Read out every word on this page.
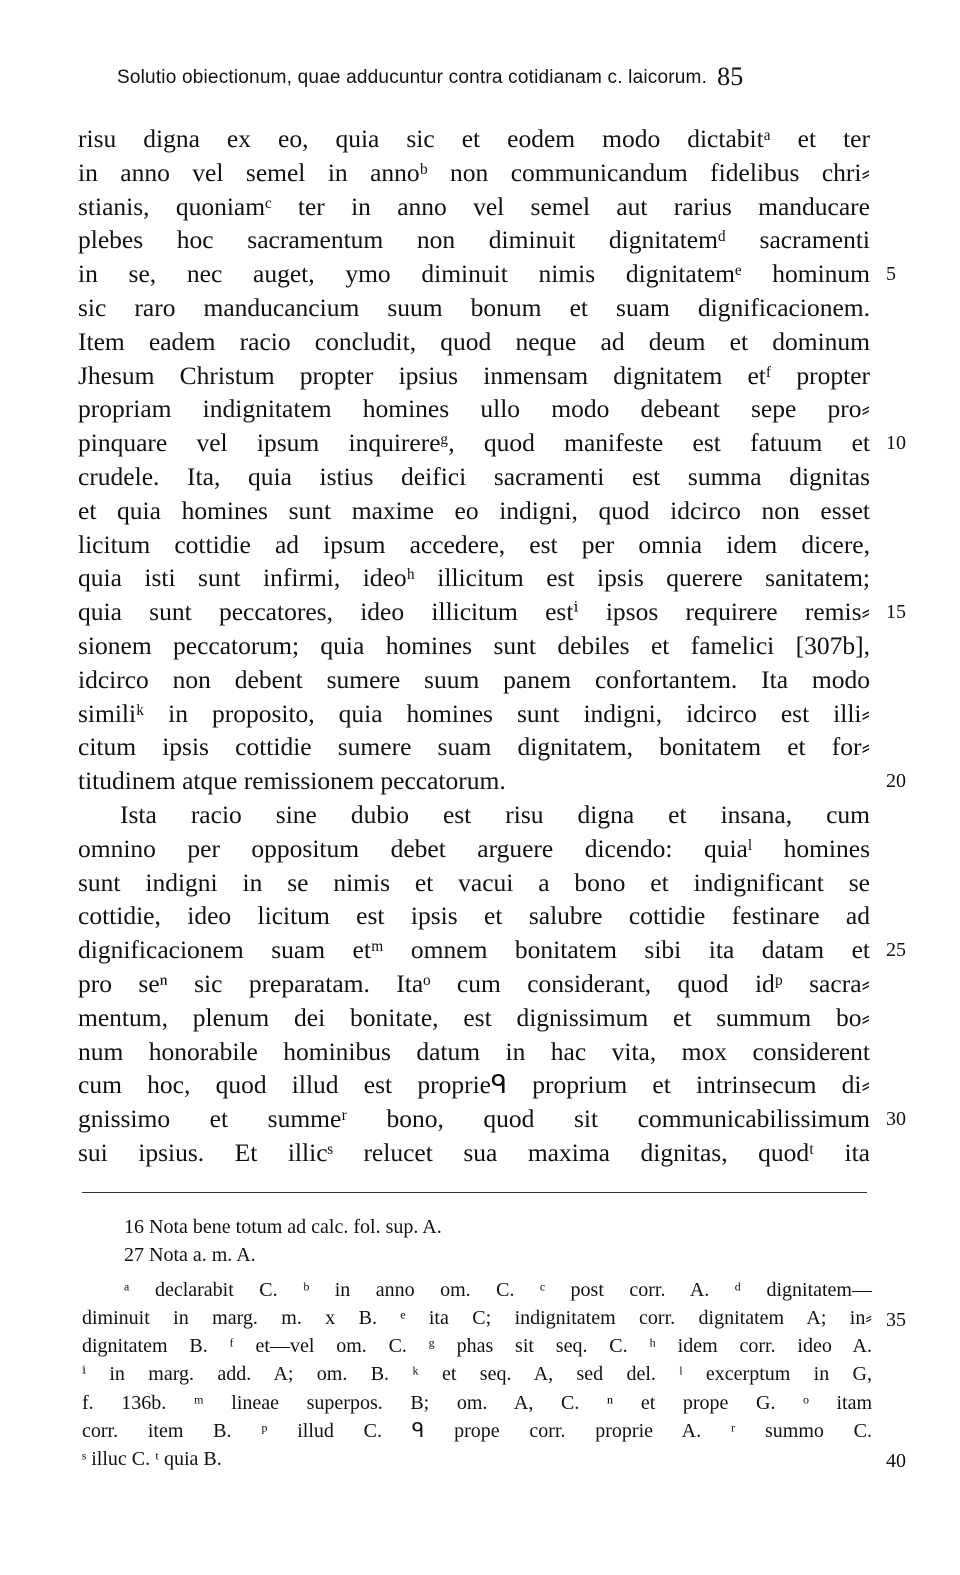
Solutio obiectionum, quae adducuntur contra cotidianam c. laicorum. 85
risu digna ex eo, quia sic et eodem modo dictabitᵃ et ter
in anno vel semel in annoᵇ non communicandum fidelibus chri⸗
stianis, quoniamᶜ ter in anno vel semel aut rarius manducare
plebes hoc sacramentum non diminuit dignitatemᵈ sacramenti
in se, nec auget, ymo diminuit nimis dignitatemᵉ hominum
sic raro manducancium suum bonum et suam dignificacionem.
Item eadem racio concludit, quod neque ad deum et dominum
Jhesum Christum propter ipsius inmensam dignitatem etᶠ propter
propriam indignitatem homines ullo modo debeant sepe pro⸗
pinquare vel ipsum inquirereᵍ, quod manifeste est fatuum et
crudele. Ita, quia istius deifici sacramenti est summa dignitas
et quia homines sunt maxime eo indigni, quod idcirco non esset
licitum cottidie ad ipsum accedere, est per omnia idem dicere,
quia isti sunt infirmi, ideoʰ illicitum est ipsis querere sanitatem;
quia sunt peccatores, ideo illicitum estⁱ ipsos requirere remis⸗
sionem peccatorum; quia homines sunt debiles et famelici [307b],
idcirco non debent sumere suum panem confortantem. Ita modo
similiᵏ in proposito, quia homines sunt indigni, idcirco est illi⸗
citum ipsis cottidie sumere suam dignitatem, bonitatem et for⸗
titudinem atque remissionem peccatorum.
Ista racio sine dubio est risu digna et insana, cum
omnino per oppositum debet arguere dicendo: quiaˡ homines
sunt indigni in se nimis et vacui a bono et indignificant se
cottidie, ideo licitum est ipsis et salubre cottidie festinare ad
dignificacionem suam etᵐ omnem bonitatem sibi ita datam et
pro seⁿ sic preparatam. Itaᵒ cum considerant, quod idᵖ sacra⸗
mentum, plenum dei bonitate, est dignissimum et summum bo⸗
num honorabile hominibus datum in hac vita, mox considerent
cum hoc, quod illud est proprieᑫ proprium et intrinsecum di⸗
gnissimo et summeʳ bono, quod sit communicabilissimum
sui ipsius. Et illicˢ relucet sua maxima dignitas, quodᵗ ita
5
10
15
20
25
30
35
40
16 Nota bene totum ad calc. fol. sup. A.
27 Nota a. m. A.
ᵃ declarabit C. ᵇ in anno om. C. ᶜ post corr. A. ᵈ dignitatem—
diminuit in marg. m. x B. ᵉ ita C; indignitatem corr. dignitatem A; in⸗
dignitatem B. ᶠ et—vel om. C. ᵍ phas sit seq. C. ʰ idem corr. ideo A.
ⁱ in marg. add. A; om. B. ᵏ et seq. A, sed del. ˡ excerptum in G,
f. 136b. ᵐ lineae superpos. B; om. A, C. ⁿ et prope G. ᵒ itam
corr. item B. ᵖ illud C. ᑫ prope corr. proprie A. ʳ summo C.
ˢ illuc C. ᵗ quia B.
